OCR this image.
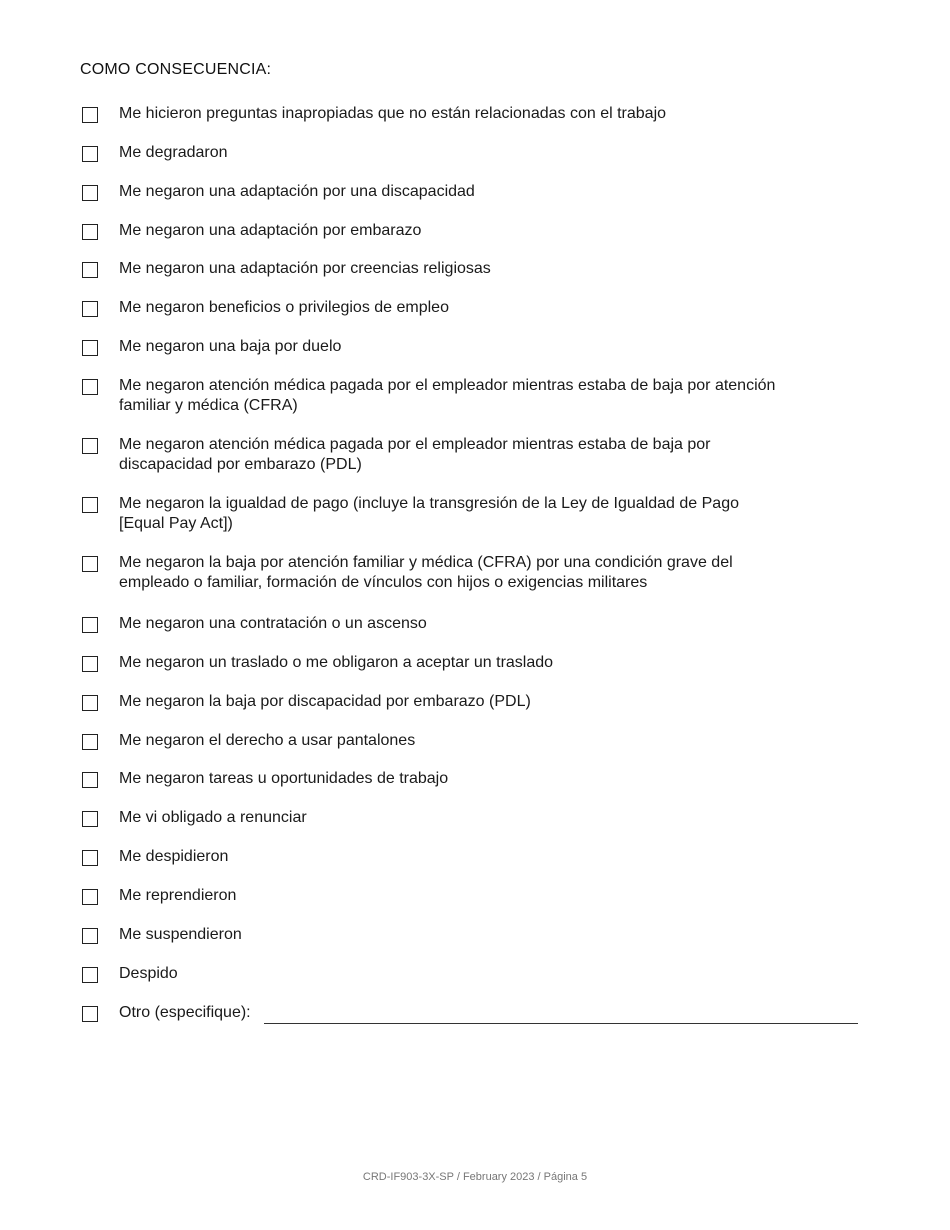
COMO CONSECUENCIA:
Me hicieron preguntas inapropiadas que no están relacionadas con el trabajo
Me degradaron
Me negaron una adaptación por una discapacidad
Me negaron una adaptación por embarazo
Me negaron una adaptación por creencias religiosas
Me negaron beneficios o privilegios de empleo
Me negaron una baja por duelo
Me negaron atención médica pagada por el empleador mientras estaba de baja por atención familiar y médica (CFRA)
Me negaron atención médica pagada por el empleador mientras estaba de baja por discapacidad por embarazo (PDL)
Me negaron la igualdad de pago (incluye la transgresión de la Ley de Igualdad de Pago [Equal Pay Act])
Me negaron la baja por atención familiar y médica (CFRA) por una condición grave del empleado o familiar, formación de vínculos con hijos o exigencias militares
Me negaron una contratación o un ascenso
Me negaron un traslado o me obligaron a aceptar un traslado
Me negaron la baja por discapacidad por embarazo (PDL)
Me negaron el derecho a usar pantalones
Me negaron tareas u oportunidades de trabajo
Me vi obligado a renunciar
Me despidieron
Me reprendieron
Me suspendieron
Despido
Otro (especifique):
CRD-IF903-3X-SP / February 2023 / Página 5
